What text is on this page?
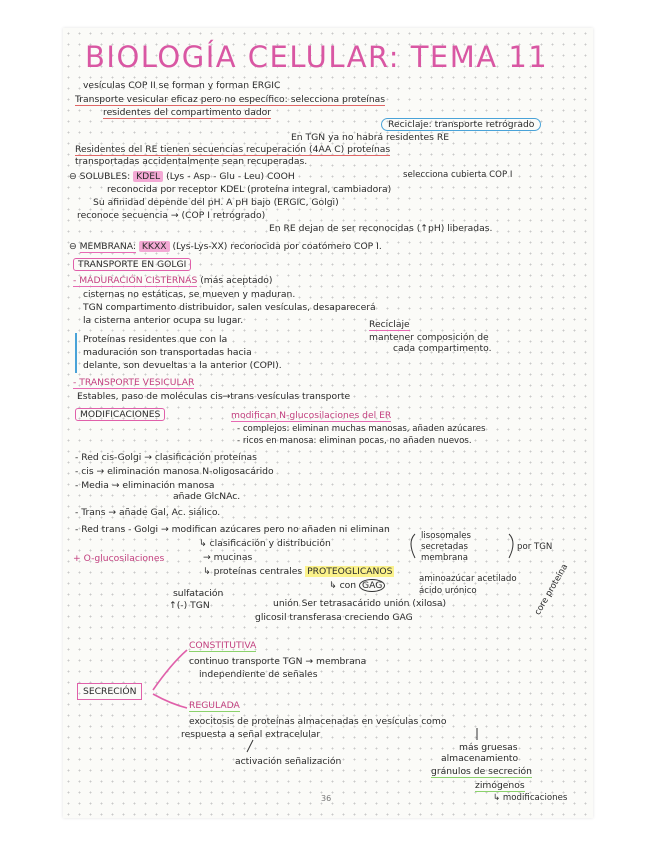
BIOLOGÍA CELULAR: TEMA 11
vesículas COP II se forman y forman ERGIC
Transporte vesicular eficaz pero no específico: selecciona proteínas
residentes del compartimento dador
Reciclaje: transporte retrógrado
En TGN ya no habrá residentes RE
Residentes del RE tienen secuencias recuperación (4AA C) proteínas
transportadas accidentalmente sean recuperadas.
⊖ SOLUBLES: KDEL (Lys - Asp - Glu - Leu) COOH	selecciona cubierta COP I
reconocida por receptor KDEL (proteína integral, cambiadora)
Su afinidad depende del pH. A pH bajo (ERGIC, Golgi)
reconoce secuencia → (COP I retrógrado)
En RE dejan de ser reconocidas (↑pH) liberadas.
⊖ MEMBRANA: KKXX (Lys-Lys-XX) reconocida por coatómero COP I.
TRANSPORTE EN GOLGI
- MADURACIÓN CISTERNAS (más aceptado)
cisternas no estáticas, se mueven y maduran.
TGN compartimento distribuidor, salen vesículas, desaparecerá
la cisterna anterior ocupa su lugar.	Reciclaje
mantener composición de
cada compartimento.
Proteínas residentes que con la
maduración son transportadas hacia
delante, son devueltas a la anterior (COPI).
- TRANSPORTE VESICULAR
Estables, paso de moléculas cis→trans vesículas transporte
MODIFICACIONES	modifican N-glucosilaciones del ER
- complejos: eliminan muchas manosas, añaden azúcares
- ricos en manosa: eliminan pocas, no añaden nuevos.
- Red cis-Golgi → clasificación proteínas
- cis → eliminación manosa N-oligosacárido
- Media → eliminación manosa
añade GlcNAc.
- Trans → añade Gal, Ac. siálico.
- Red trans - Golgi → modifican azúcares pero no añaden ni eliminan
↳ clasificación y distribución
lisosomales
secretadas
membrana
por TGN
+ O-glucosilaciones	→ mucinas
↳ proteínas centrales PROTEOGLICANOS
↳ con GAG
aminoazúcar acetilado
ácido urónico
sulfatación
↑(-) TGN	unión Ser tetrasacárido unión (xilosa)
glicosil transferasa creciendo GAG
core proteína
CONSTITUTIVA
continuo transporte TGN → membrana
independiente de señales
SECRECIÓN
REGULADA
exocitosis de proteínas almacenadas en vesículas como
respuesta a señal extracelular
activación señalización
más gruesas
almacenamiento
gránulos de secreción
zimógenos
↳ modificaciones
36
